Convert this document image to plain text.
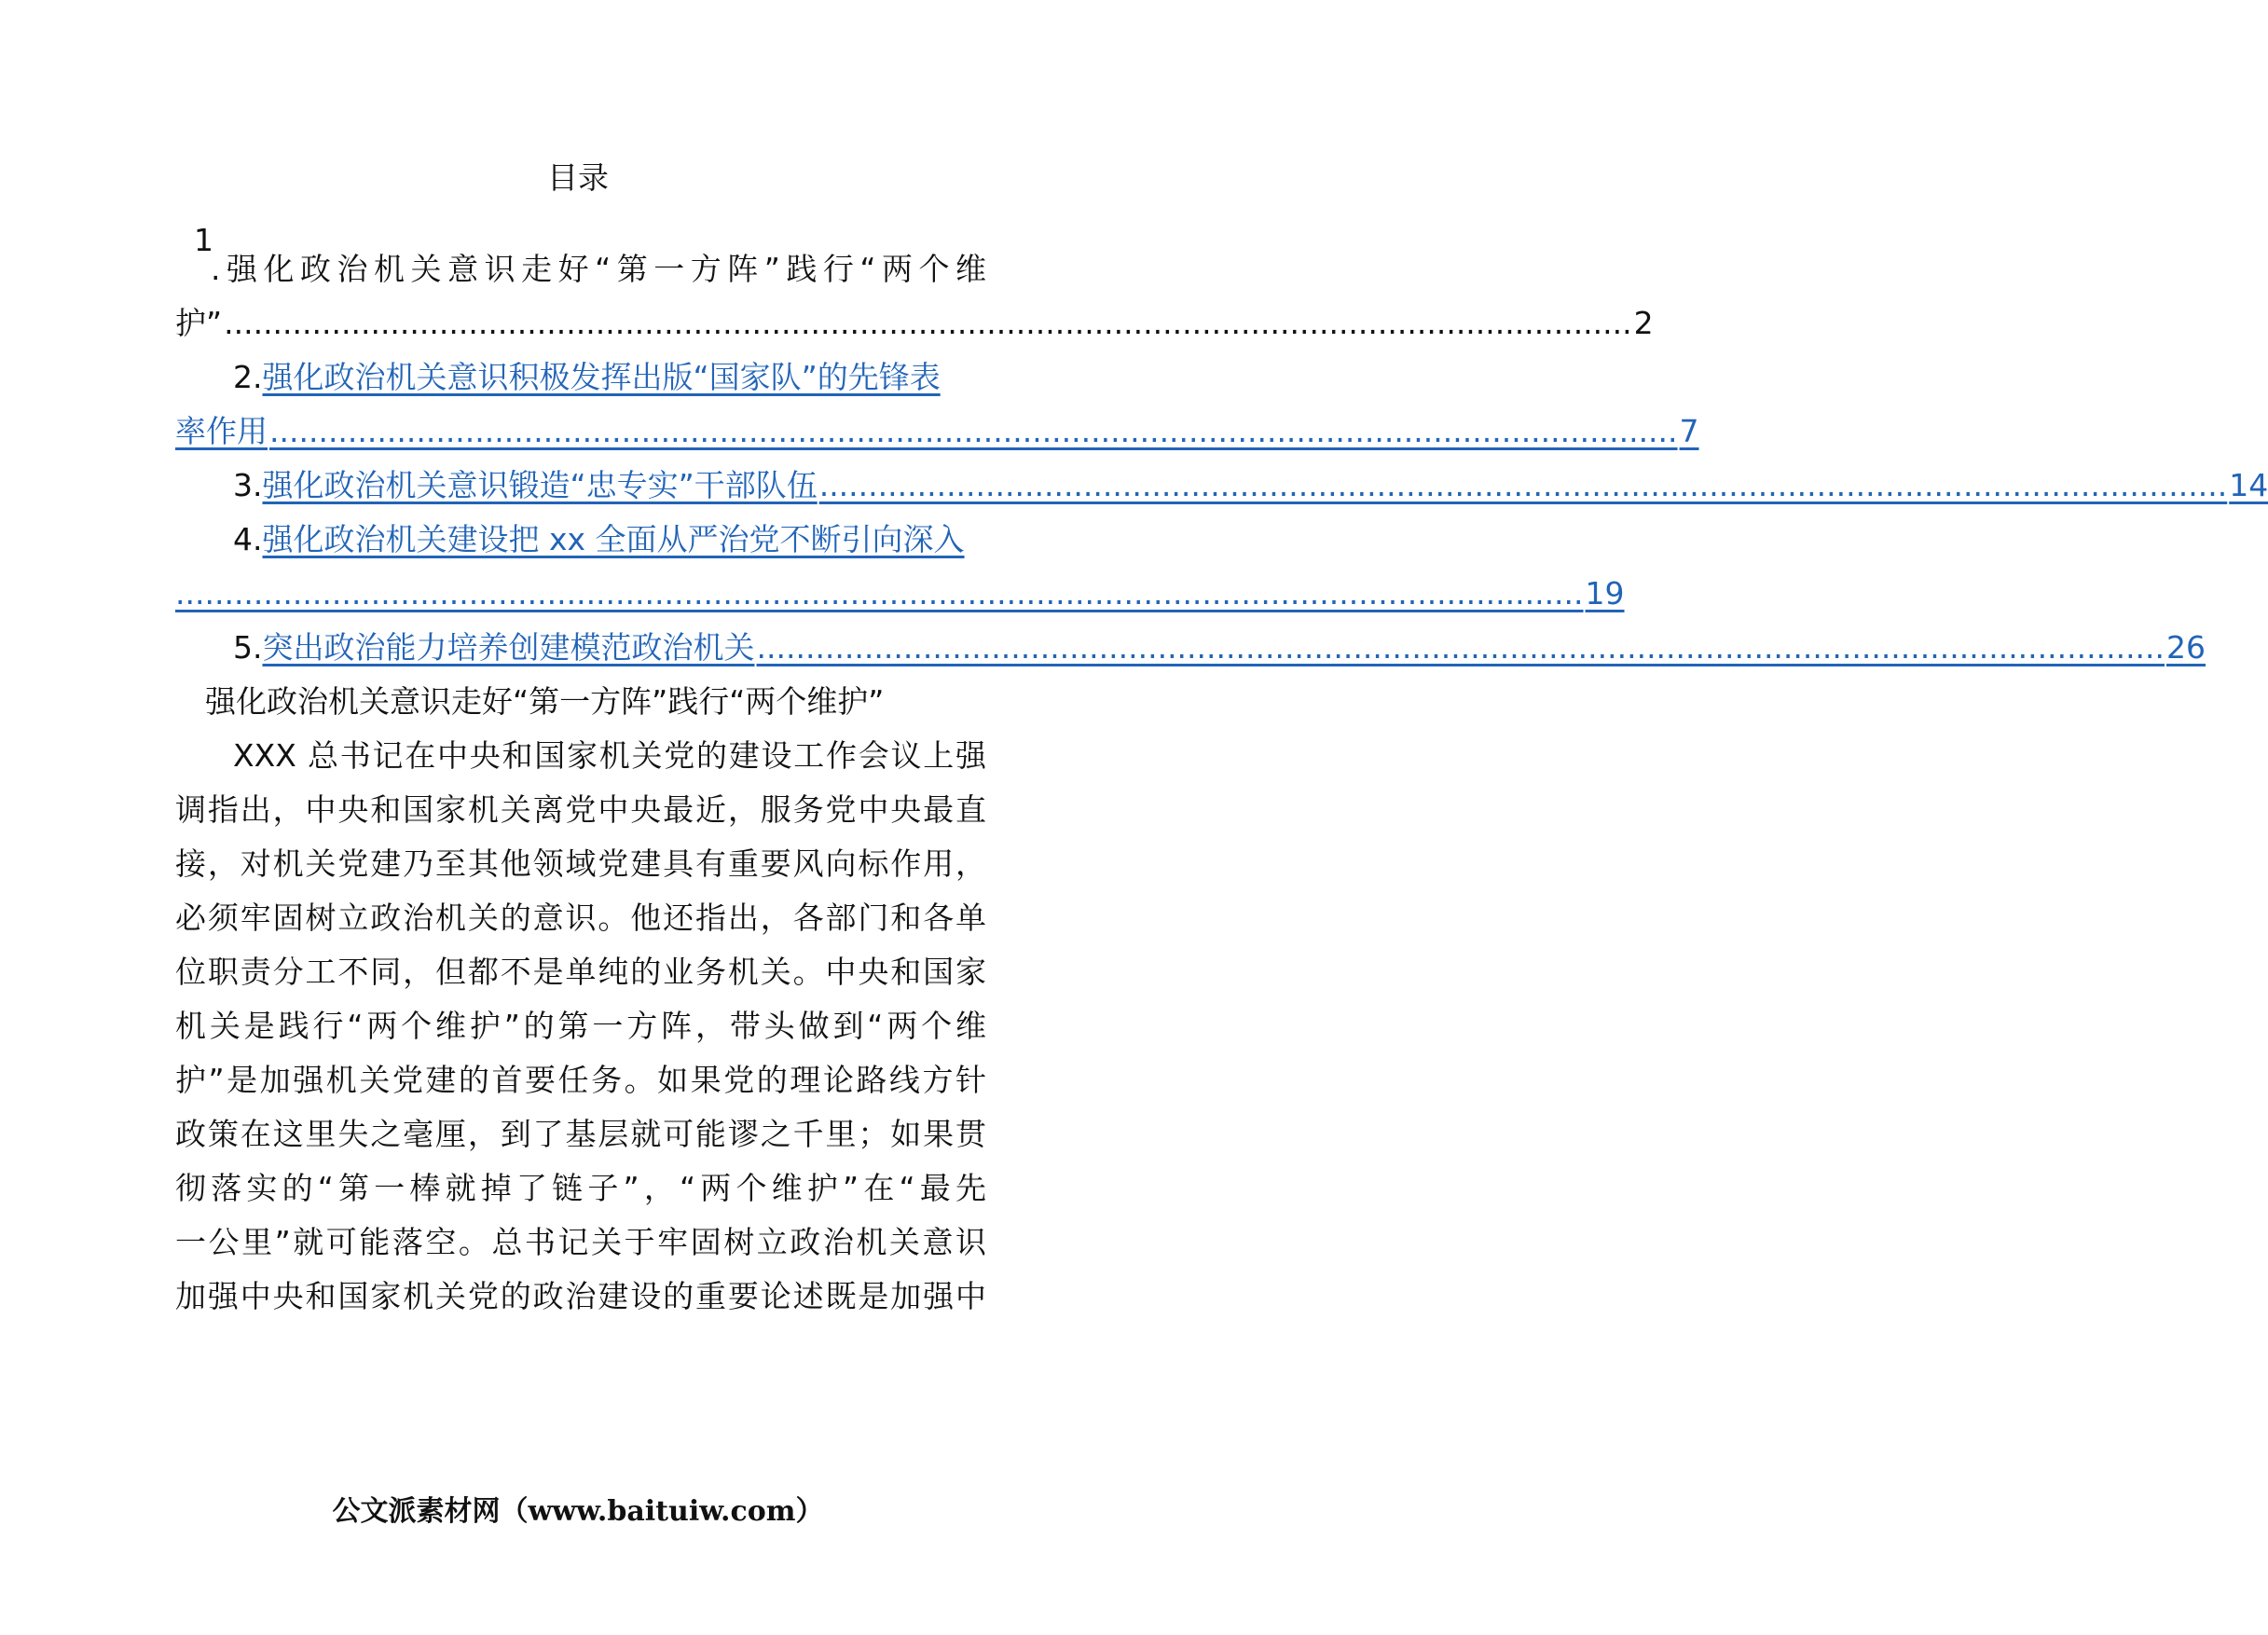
目录
1
.强化政治机关意识走好“第一方阵”践行“两个维
护” ................................................................................................................................................ 2
2.强化政治机关意识积极发挥出版“国家队”的先锋表
率作用 ................................................................................................................................................ 7
3. 强化政治机关意识锻造“忠专实”干部队伍 ................................................................................................................................................ 14
4.强化政治机关建设把 xx 全面从严治党不断引向深入
................................................................................................................................................ 19
5. 突出政治能力培养创建模范政治机关 ................................................................................................................................................ 26
强化政治机关意识走好“第一方阵”践行“两个维护”
XXX 总书记在中央和国家机关党的建设工作会议上强
调指出，中央和国家机关离党中央最近，服务党中央最直
接，对机关党建乃至其他领域党建具有重要风向标作用，
必须牢固树立政治机关的意识。他还指出，各部门和各单
位职责分工不同，但都不是单纯的业务机关。中央和国家
机关是践行“两个维护”的第一方阵，带头做到“两个维
护”是加强机关党建的首要任务。如果党的理论路线方针
政策在这里失之毫厘，到了基层就可能谬之千里；如果贯
彻落实的“第一棒就掉了链子”，“两个维护”在“最先
一公里”就可能落空。总书记关于牢固树立政治机关意识
加强中央和国家机关党的政治建设的重要论述既是加强中
公文派素材网（www.baituiw.com）
